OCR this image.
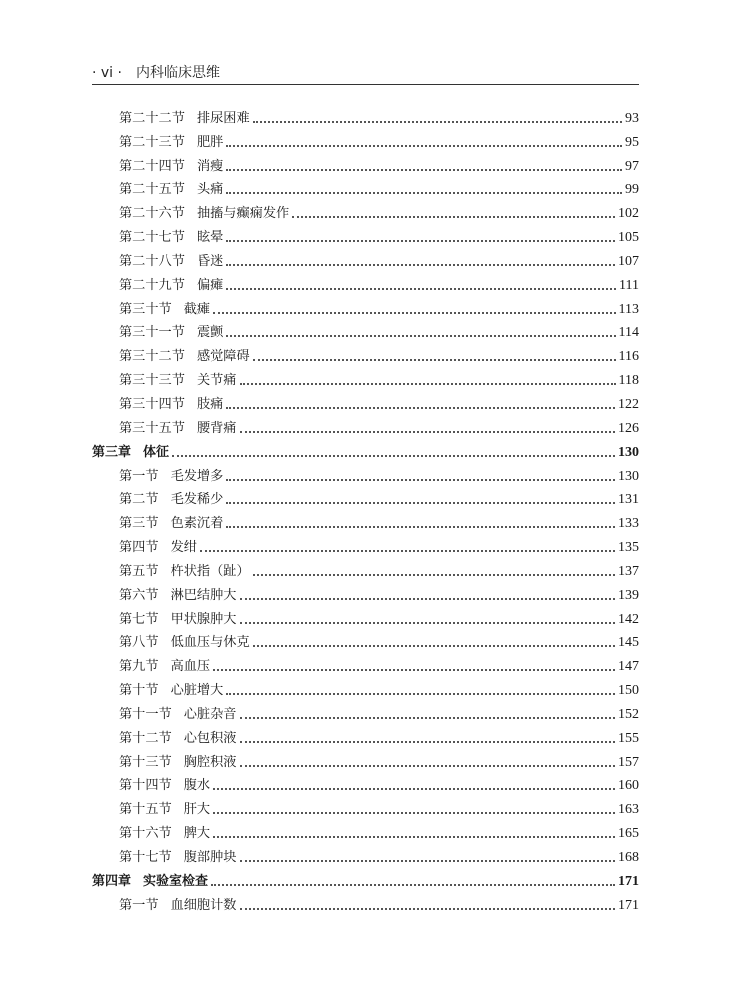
· vi · 内科临床思维
第二十二节 排尿困难	93
第二十三节 肥胖	95
第二十四节 消瘦	97
第二十五节 头痛	99
第二十六节 抽搐与癫痫发作	102
第二十七节 眩晕	105
第二十八节 昏迷	107
第二十九节 偏瘫	111
第三十节 截瘫	113
第三十一节 震颤	114
第三十二节 感觉障碍	116
第三十三节 关节痛	118
第三十四节 肢痛	122
第三十五节 腰背痛	126
第三章 体征	130
第一节 毛发增多	130
第二节 毛发稀少	131
第三节 色素沉着	133
第四节 发绀	135
第五节 杵状指（趾）	137
第六节 淋巴结肿大	139
第七节 甲状腺肿大	142
第八节 低血压与休克	145
第九节 高血压	147
第十节 心脏增大	150
第十一节 心脏杂音	152
第十二节 心包积液	155
第十三节 胸腔积液	157
第十四节 腹水	160
第十五节 肝大	163
第十六节 脾大	165
第十七节 腹部肿块	168
第四章 实验室检查	171
第一节 血细胞计数	171
